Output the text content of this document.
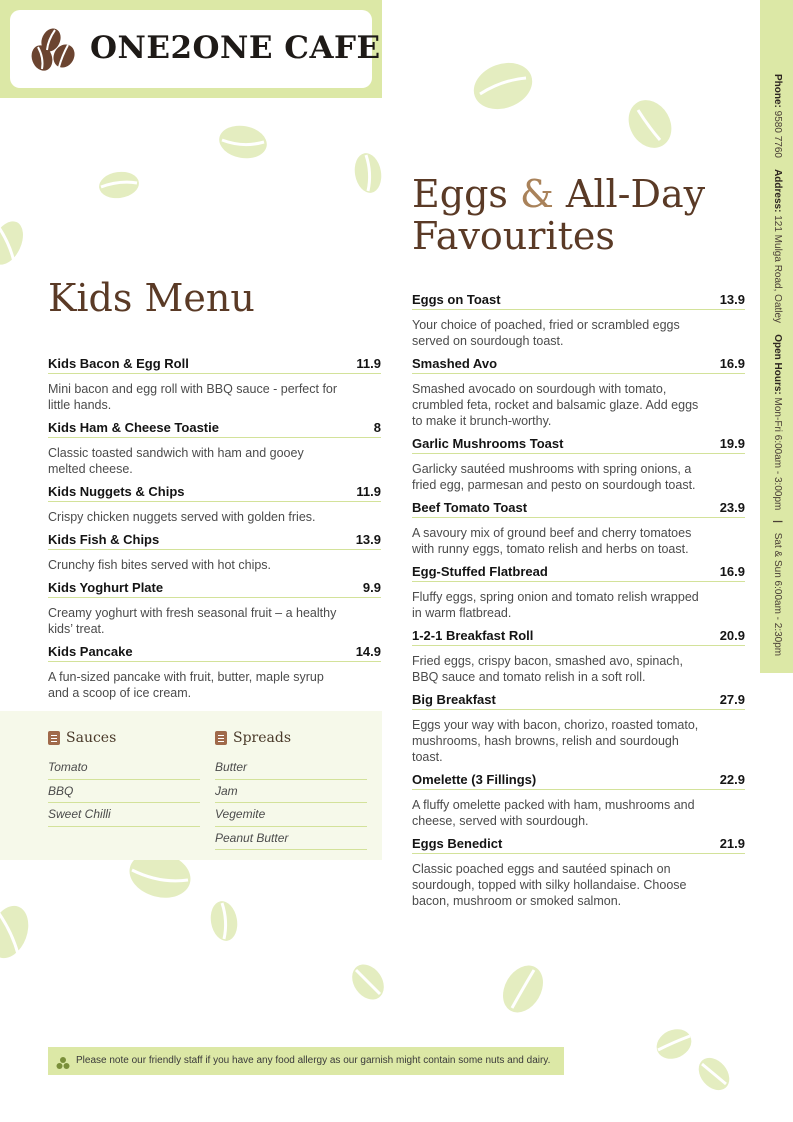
ONE2ONE CAFE
Phone: 9580 7760    Address: 121 Mulga Road, Oatley    Open Hours: Mon-Fri 6:00am - 3:00pm | Sat & Sun 6:00am - 2:30pm
Kids Menu
Eggs & All-Day Favourites
Kids Bacon & Egg Roll	11.9
Mini bacon and egg roll with BBQ sauce - perfect for little hands.
Kids Ham & Cheese Toastie	8
Classic toasted sandwich with ham and gooey melted cheese.
Kids Nuggets & Chips	11.9
Crispy chicken nuggets served with golden fries.
Kids Fish & Chips	13.9
Crunchy fish bites served with hot chips.
Kids Yoghurt Plate	9.9
Creamy yoghurt with fresh seasonal fruit – a healthy kids’ treat.
Kids Pancake	14.9
A fun-sized pancake with fruit, butter, maple syrup and a scoop of ice cream.
Eggs on Toast	13.9
Your choice of poached, fried or scrambled eggs served on sourdough toast.
Smashed Avo	16.9
Smashed avocado on sourdough with tomato, crumbled feta, rocket and balsamic glaze. Add eggs to make it brunch-worthy.
Garlic Mushrooms Toast	19.9
Garlicky sautéed mushrooms with spring onions, a fried egg, parmesan and pesto on sourdough toast.
Beef Tomato Toast	23.9
A savoury mix of ground beef and cherry tomatoes with runny eggs, tomato relish and herbs on toast.
Egg-Stuffed Flatbread	16.9
Fluffy eggs, spring onion and tomato relish wrapped in warm flatbread.
1-2-1 Breakfast Roll	20.9
Fried eggs, crispy bacon, smashed avo, spinach, BBQ sauce and tomato relish in a soft roll.
Big Breakfast	27.9
Eggs your way with bacon, chorizo, roasted tomato, mushrooms, hash browns, relish and sourdough toast.
Omelette (3 Fillings)	22.9
A fluffy omelette packed with ham, mushrooms and cheese, served with sourdough.
Eggs Benedict	21.9
Classic poached eggs and sautéed spinach on sourdough, topped with silky hollandaise. Choose bacon, mushroom or smoked salmon.
Sauces
Tomato
BBQ
Sweet Chilli
Spreads
Butter
Jam
Vegemite
Peanut Butter
Please note our friendly staff if you have any food allergy as our garnish might contain some nuts and dairy.
